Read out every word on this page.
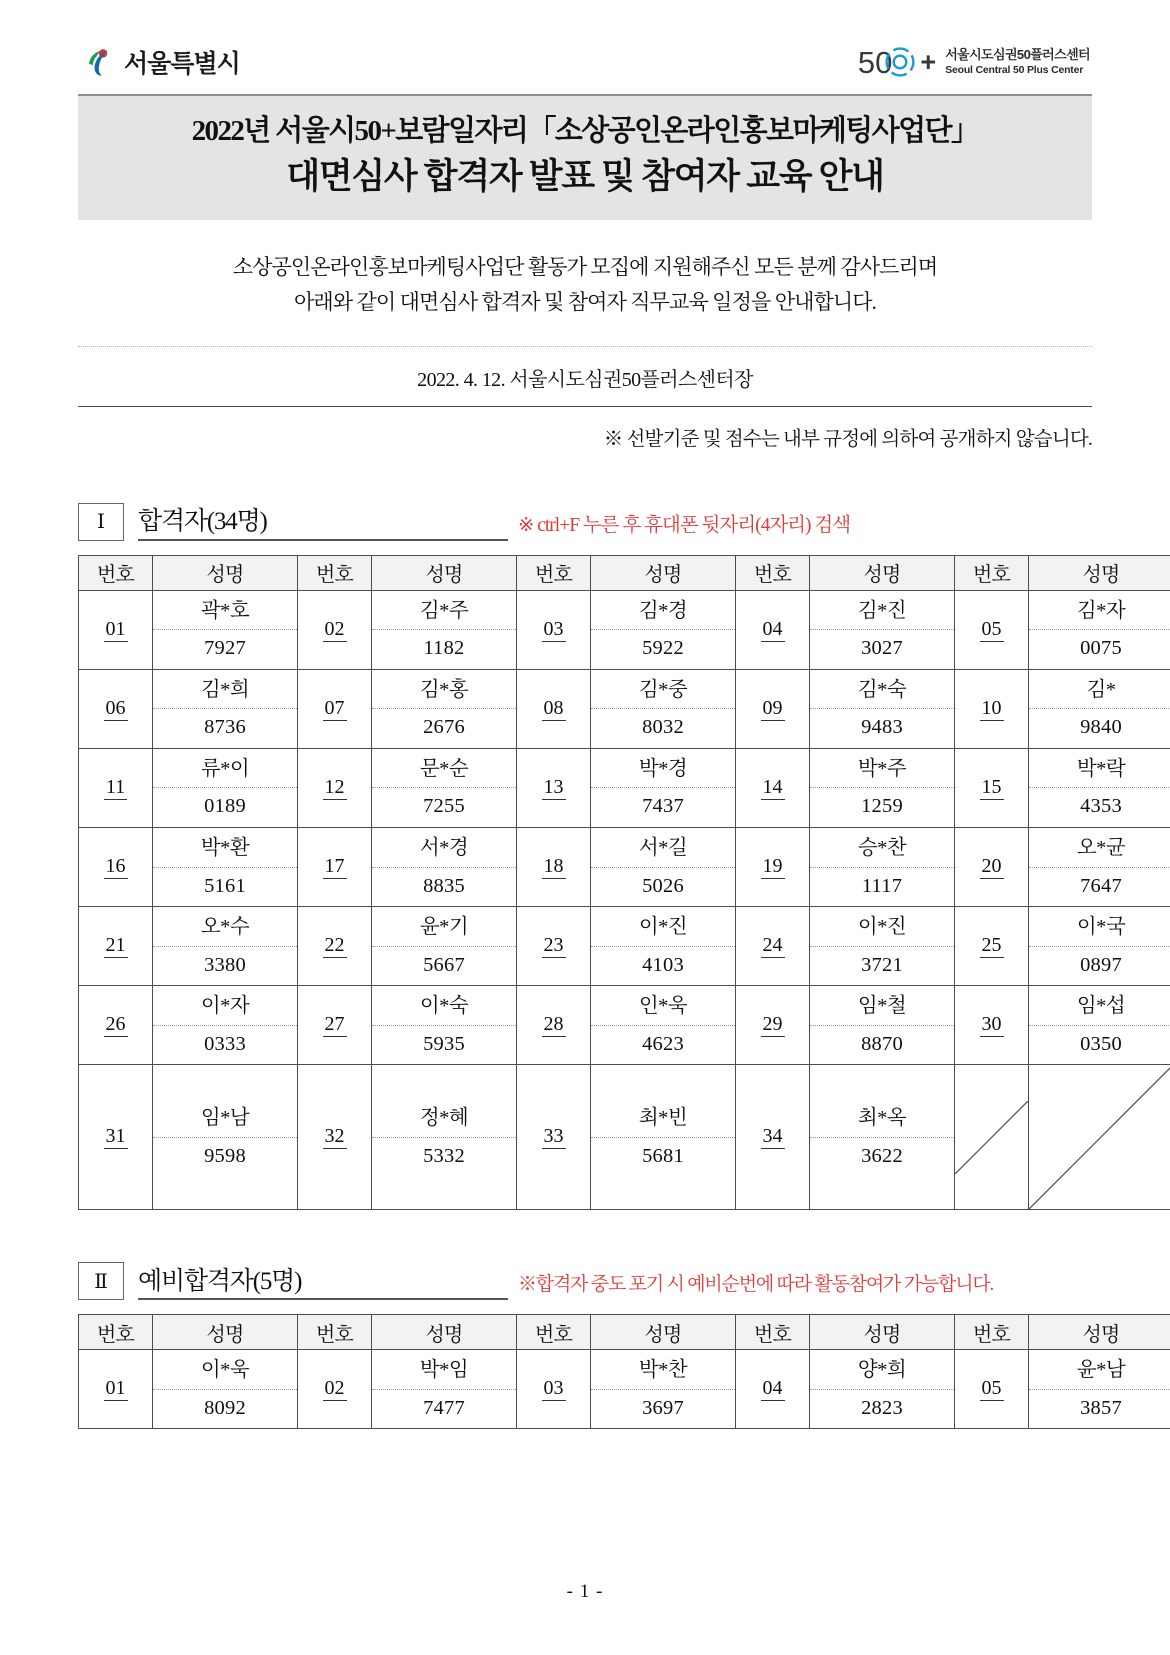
서울특별시	50 + 서울시도심권50플러스센터
Seoul Central 50 Plus Center
2022년 서울시50+보람일자리「소상공인온라인홍보마케팅사업단」
대면심사 합격자 발표 및 참여자 교육 안내
소상공인온라인홍보마케팅사업단 활동가 모집에 지원해주신 모든 분께 감사드리며
아래와 같이 대면심사 합격자 및 참여자 직무교육 일정을 안내합니다.
2022. 4. 12. 서울시도심권50플러스센터장
※ 선발기준 및 점수는 내부 규정에 의하여 공개하지 않습니다.
Ⅰ	합격자(34명)	※ ctrl+F 누른 후 휴대폰 뒷자리(4자리) 검색
번호	성명	번호	성명	번호	성명	번호	성명	번호	성명
01	
곽*호
7927
	02	
김*주
1182
	03	
김*경
5922
	04	
김*진
3027
	05	
김*자
0075

06	
김*희
8736
	07	
김*홍
2676
	08	
김*중
8032
	09	
김*숙
9483
	10	
김*
9840

11	
류*이
0189
	12	
문*순
7255
	13	
박*경
7437
	14	
박*주
1259
	15	
박*락
4353

16	
박*환
5161
	17	
서*경
8835
	18	
서*길
5026
	19	
승*찬
1117
	20	
오*균
7647

21	
오*수
3380
	22	
윤*기
5667
	23	
이*진
4103
	24	
이*진
3721
	25	
이*국
0897

26	
이*자
0333
	27	
이*숙
5935
	28	
인*욱
4623
	29	
임*철
8870
	30	
임*섭
0350

31	
임*남
9598
	32	
정*혜
5332
	33	
최*빈
5681
	34	
최*옥
3622

Ⅱ	예비합격자(5명)	※합격자 중도 포기 시 예비순번에 따라 활동참여가 가능합니다.
번호	성명	번호	성명	번호	성명	번호	성명	번호	성명
01	
이*욱
8092
	02	
박*임
7477
	03	
박*찬
3697
	04	
양*희
2823
	05	
윤*남
3857
- 1 -
